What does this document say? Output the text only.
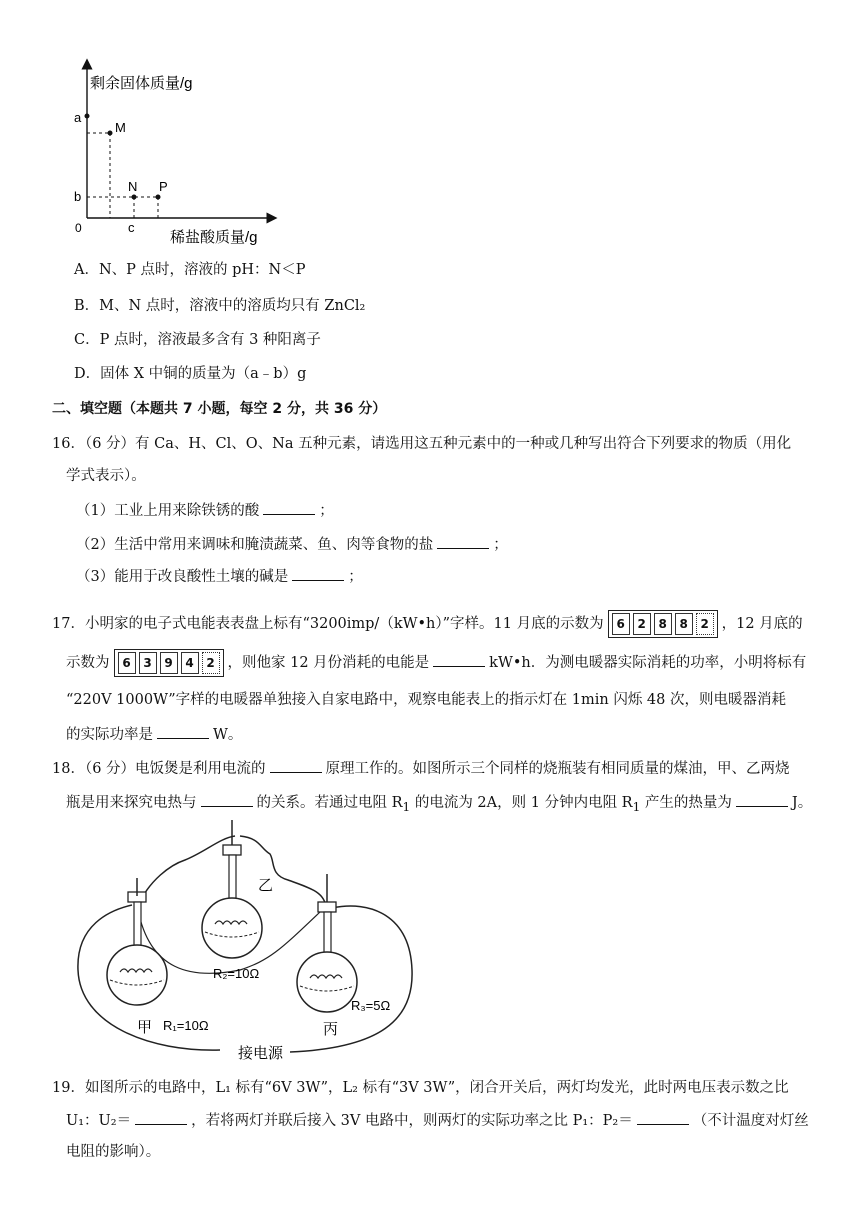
剩余固体质量/g
稀盐酸质量/g
0
a
b
c
M
N P
A．N、P 点时，溶液的 pH：N＜P
B．M、N 点时，溶液中的溶质均只有 ZnCl₂
C．P 点时，溶液最多含有 3 种阳离子
D．固体 X 中铜的质量为（a﹣b）g
二、填空题（本题共 7 小题，每空 2 分，共 36 分）
16．（6 分）有 Ca、H、Cl、O、Na 五种元素，请选用这五种元素中的一种或几种写出符合下列要求的物质（用化
学式表示）。
（1）工业上用来除铁锈的酸	；
（2）生活中常用来调味和腌渍蔬菜、鱼、肉等食物的盐	；
（3）能用于改良酸性土壤的碱是	；
17．小明家的电子式电能表表盘上标有“3200imp/（kW•h）”字样。11 月底的示数为	6	2	8	8	2 ，12 月底的
示数为	6	3	9	4	2 ，则他家 12 月份消耗的电能是	kW•h．为测电暖器实际消耗的功率，小明将标有
“220V 1000W”字样的电暖器单独接入自家电路中，观察电能表上的指示灯在 1min 闪烁 48 次，则电暖器消耗
的实际功率是	W。
18．（6 分）电饭煲是利用电流的	原理工作的。如图所示三个同样的烧瓶装有相同质量的煤油，甲、乙两烧
瓶是用来探究电热与	的关系。若通过电阻 $R_1$ 的电流为 2A，则 1 分钟内电阻 $R_1$ 产生的热量为	J。
乙
R₂=10Ω
R₃=5Ω
丙
甲 R₁=10Ω
接电源
19．如图所示的电路中，L₁ 标有“6V 3W”，L₂ 标有“3V 3W”，闭合开关后，两灯均发光，此时两电压表示数之比
U₁：U₂＝	，若将两灯并联后接入 3V 电路中，则两灯的实际功率之比 P₁：P₂＝	（不计温度对灯丝
电阻的影响）。
